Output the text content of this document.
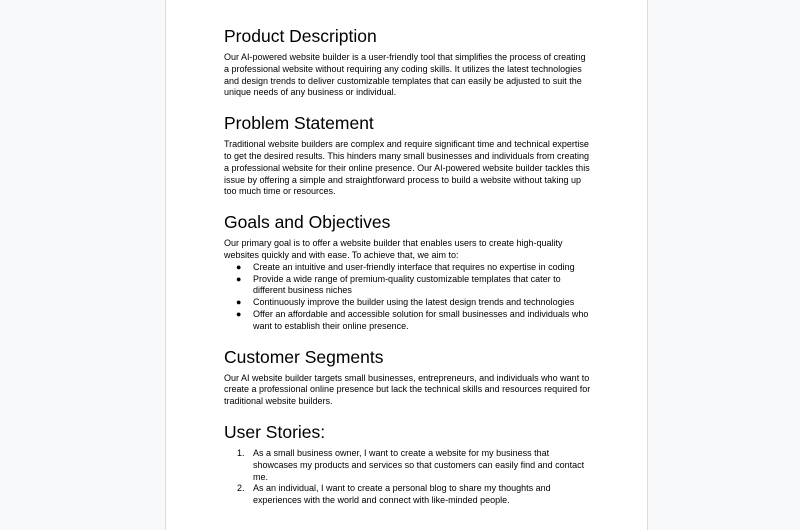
Product Description

Our AI-powered website builder is a user-friendly tool that simplifies the process of creating a professional website without requiring any coding skills. It utilizes the latest technologies and design trends to deliver customizable templates that can easily be adjusted to suit the unique needs of any business or individual.

Problem Statement

Traditional website builders are complex and require significant time and technical expertise to get the desired results. This hinders many small businesses and individuals from creating a professional website for their online presence. Our AI-powered website builder tackles this issue by offering a simple and straightforward process to build a website without taking up too much time or resources.

Goals and Objectives

Our primary goal is to offer a website builder that enables users to create high-quality websites quickly and with ease. To achieve that, we aim to:

●	Create an intuitive and user-friendly interface that requires no expertise in coding
●	Provide a wide range of premium-quality customizable templates that cater to different business niches
●	Continuously improve the builder using the latest design trends and technologies
●	Offer an affordable and accessible solution for small businesses and individuals who want to establish their online presence.
Customer Segments

Our AI website builder targets small businesses, entrepreneurs, and individuals who want to create a professional online presence but lack the technical skills and resources required for traditional website builders.

User Stories:
1. As a small business owner, I want to create a website for my business that showcases my products and services so that customers can easily find and contact me.
2. As an individual, I want to create a personal blog to share my thoughts and experiences with the world and connect with like-minded people.
